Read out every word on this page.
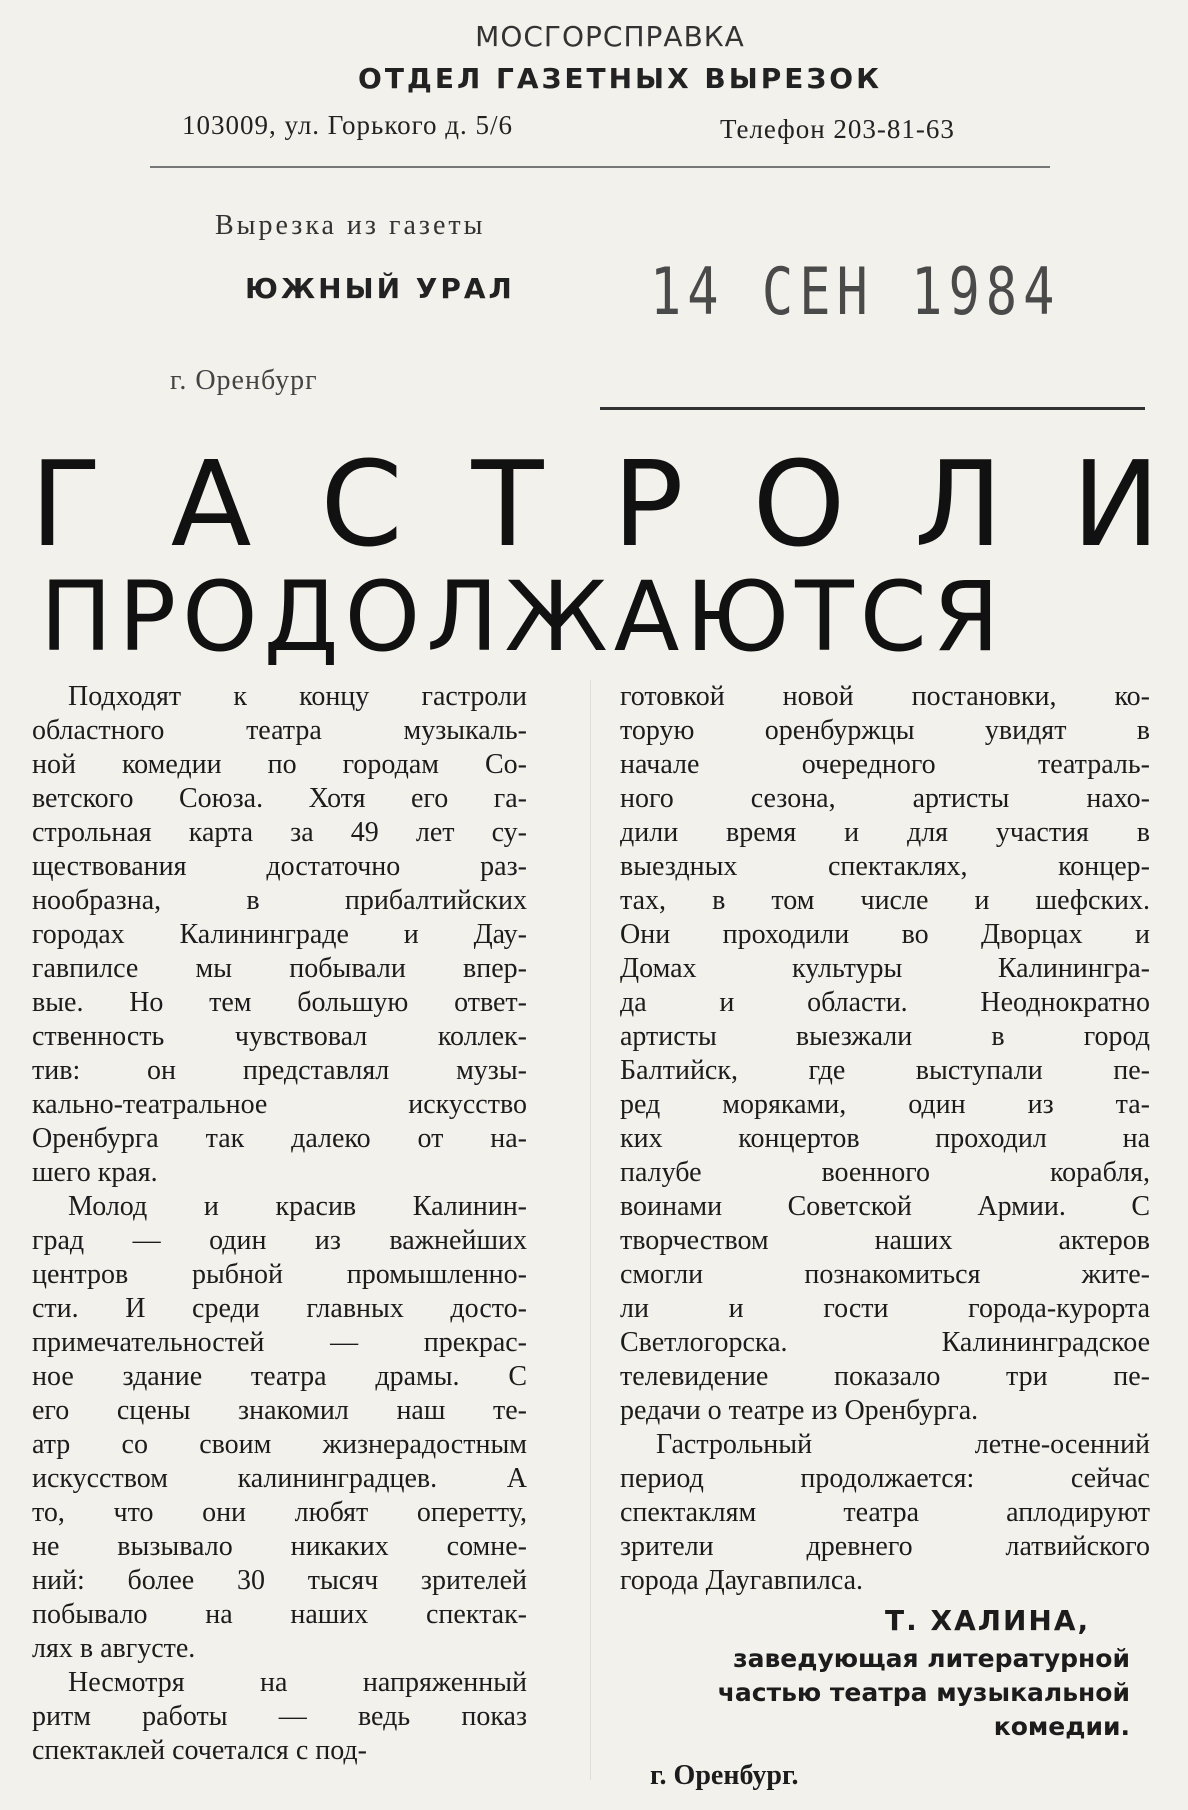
МОСГОРСПРАВКА
ОТДЕЛ ГАЗЕТНЫХ ВЫРЕЗОК
103009, ул. Горького д. 5/6	Телефон 203-81-63
Вырезка из газеты
ЮЖНЫЙ УРАЛ	14 СЕН 1984
г. Оренбург
Г А С Т Р О Л И
ПРОДОЛЖАЮТСЯ
Подходят к концу гастроли
областного театра музыкаль-
ной комедии по городам Со-
ветского Союза. Хотя его га-
строльная карта за 49 лет су-
ществования достаточно раз-
нообразна, в прибалтийских
городах Калининграде и Дау-
гавпилсе мы побывали впер-
вые. Но тем большую ответ-
ственность чувствовал коллек-
тив: он представлял музы-
кально-театральное искусство
Оренбурга так далеко от на-
шего края.
Молод и красив Калинин-
град — один из важнейших
центров рыбной промышленно-
сти. И среди главных досто-
примечательностей — прекрас-
ное здание театра драмы. С
его сцены знакомил наш те-
атр со своим жизнерадостным
искусством калининградцев. А
то, что они любят оперетту,
не вызывало никаких сомне-
ний: более 30 тысяч зрителей
побывало на наших спектак-
лях в августе.
Несмотря на напряженный
ритм работы — ведь показ
спектаклей сочетался с под-
готовкой новой постановки, ко-
торую оренбуржцы увидят в
начале очередного театраль-
ного сезона, артисты нахо-
дили время и для участия в
выездных спектаклях, концер-
тах, в том числе и шефских.
Они проходили во Дворцах и
Домах культуры Калинингра-
да и области. Неоднократно
артисты выезжали в город
Балтийск, где выступали пе-
ред моряками, один из та-
ких концертов проходил на
палубе военного корабля,
воинами Советской Армии. С
творчеством наших актеров
смогли познакомиться жите-
ли и гости города-курорта
Светлогорска. Калининградское
телевидение показало три пе-
редачи о театре из Оренбурга.
Гастрольный летне-осенний
период продолжается: сейчас
спектаклям театра аплодируют
зрители древнего латвийского
города Даугавпилса.
Т. ХАЛИНА,
заведующая литературной
частью театра музыкальной
комедии.
г. Оренбург.
